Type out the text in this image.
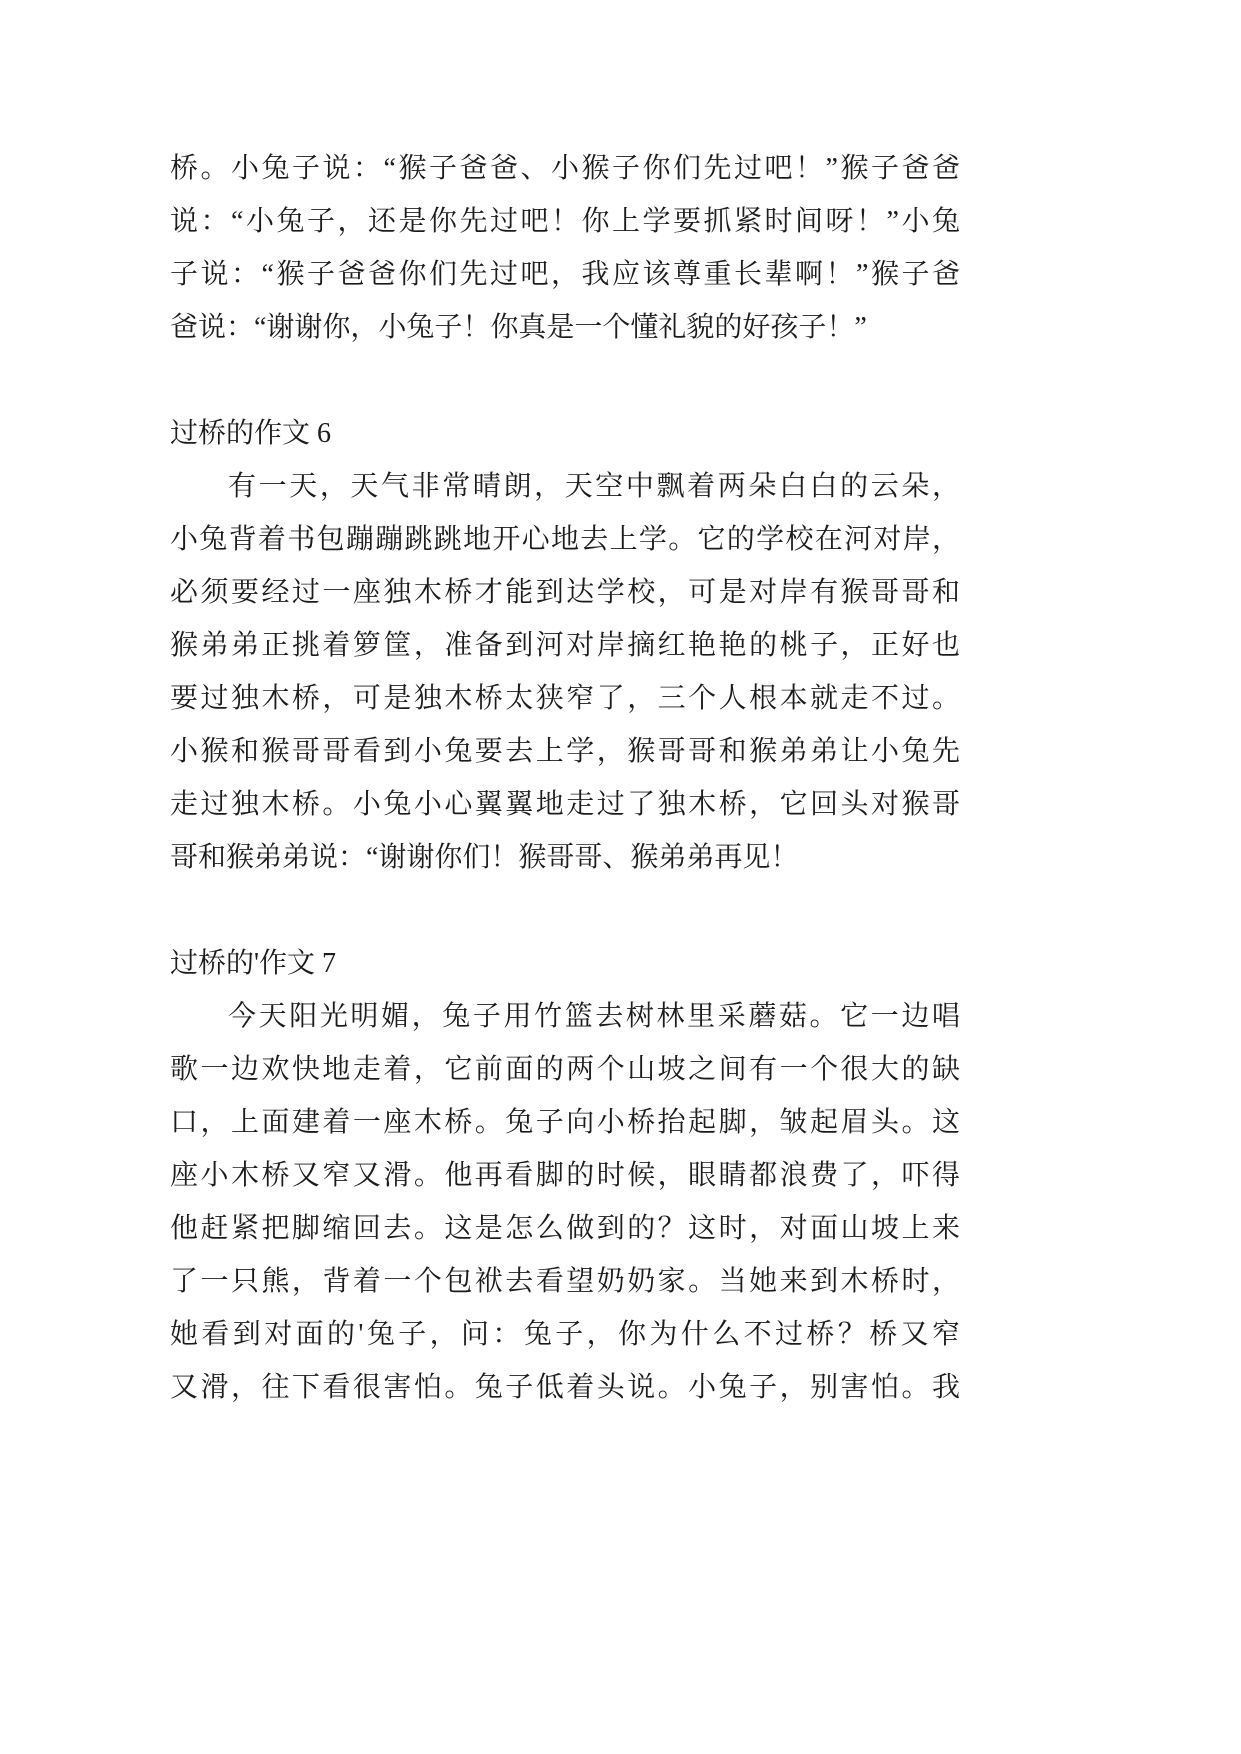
桥。小兔子说：“猴子爸爸、小猴子你们先过吧！”猴子爸爸
说：“小兔子，还是你先过吧！你上学要抓紧时间呀！”小兔
子说：“猴子爸爸你们先过吧，我应该尊重长辈啊！”猴子爸
爸说：“谢谢你，小兔子！你真是一个懂礼貌的好孩子！”
过桥的作文 6
有一天，天气非常晴朗，天空中飘着两朵白白的云朵，
小兔背着书包蹦蹦跳跳地开心地去上学。它的学校在河对岸，
必须要经过一座独木桥才能到达学校，可是对岸有猴哥哥和
猴弟弟正挑着箩筐，准备到河对岸摘红艳艳的桃子，正好也
要过独木桥，可是独木桥太狭窄了，三个人根本就走不过。
小猴和猴哥哥看到小兔要去上学，猴哥哥和猴弟弟让小兔先
走过独木桥。小兔小心翼翼地走过了独木桥，它回头对猴哥
哥和猴弟弟说：“谢谢你们！猴哥哥、猴弟弟再见！
过桥的'作文 7
今天阳光明媚，兔子用竹篮去树林里采蘑菇。它一边唱
歌一边欢快地走着，它前面的两个山坡之间有一个很大的缺
口，上面建着一座木桥。兔子向小桥抬起脚，皱起眉头。这
座小木桥又窄又滑。他再看脚的时候，眼睛都浪费了，吓得
他赶紧把脚缩回去。这是怎么做到的？这时，对面山坡上来
了一只熊，背着一个包袱去看望奶奶家。当她来到木桥时，
她看到对面的'兔子，问：兔子，你为什么不过桥？桥又窄
又滑，往下看很害怕。兔子低着头说。小兔子，别害怕。我
